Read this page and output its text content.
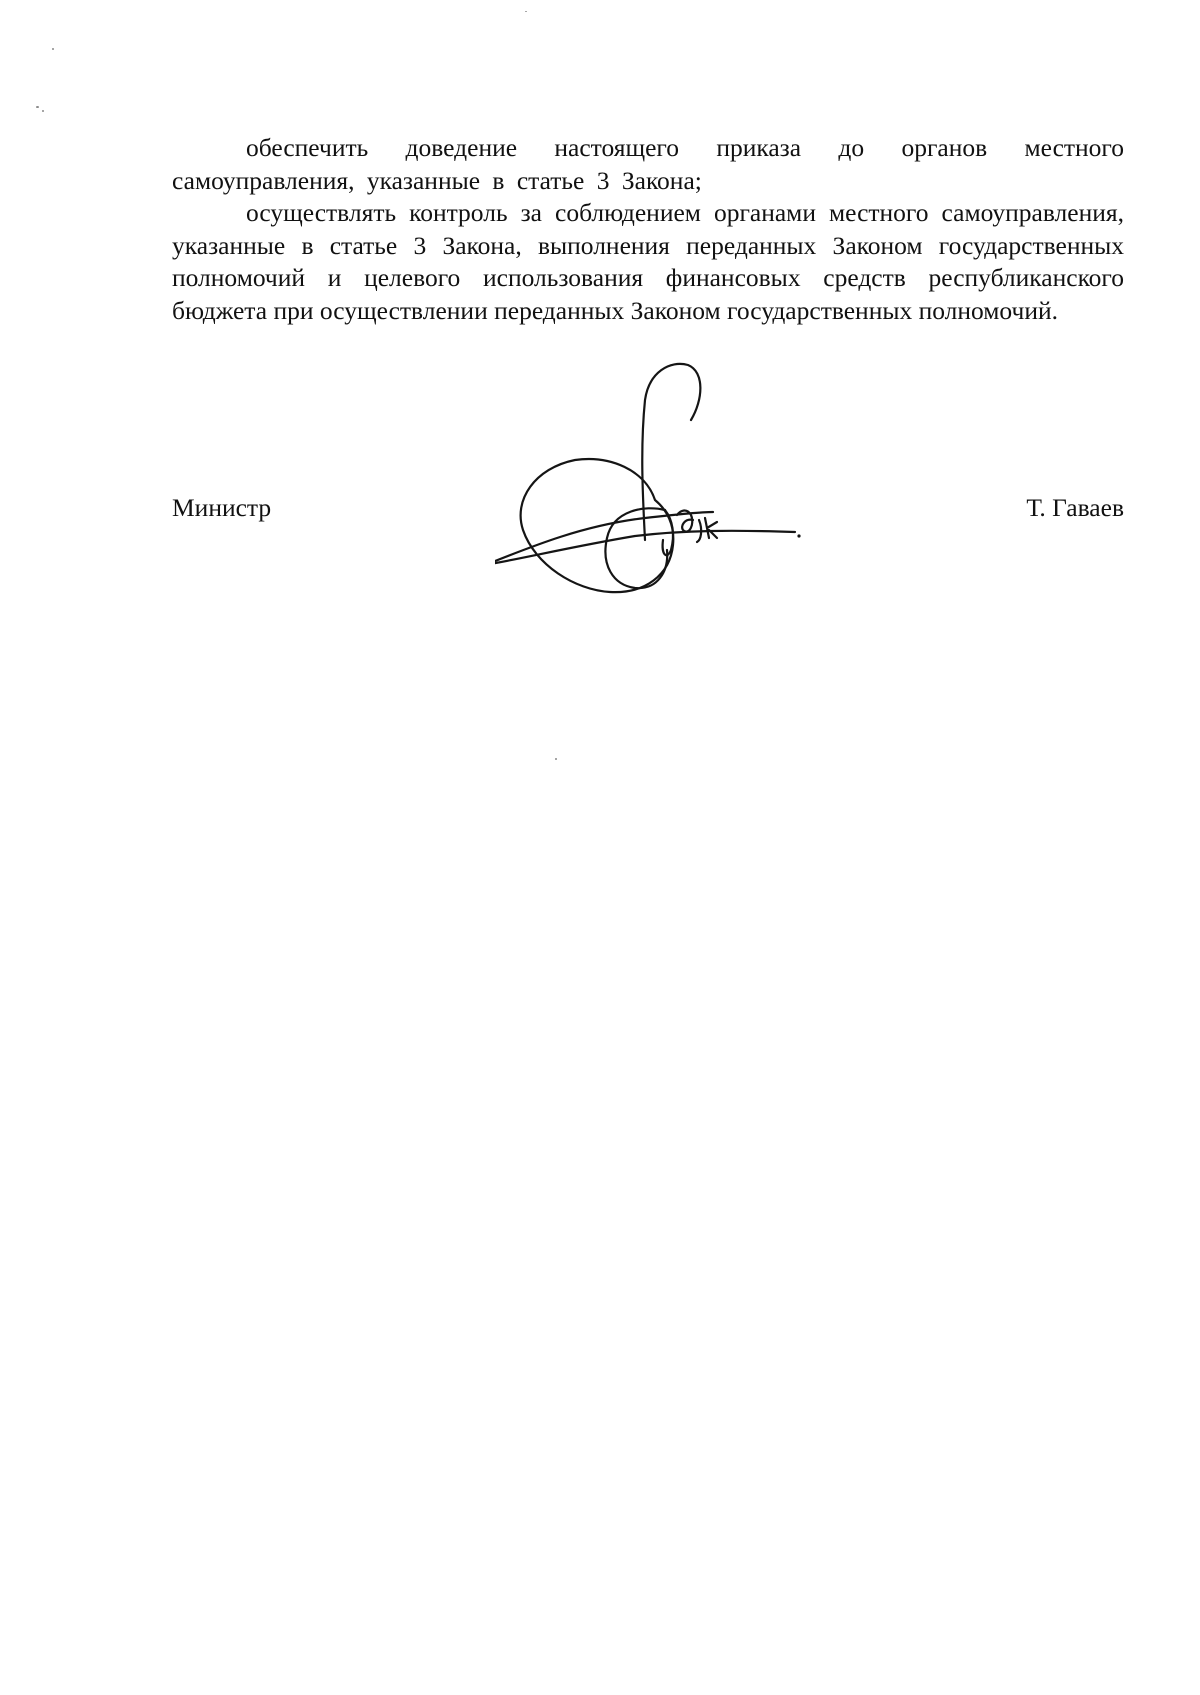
обеспечить доведение настоящего приказа до органов местного самоуправления, указанные в статье 3 Закона;

осуществлять контроль за соблюдением органами местного самоуправления, указанные в статье 3 Закона, выполнения переданных Законом государственных полномочий и целевого использования финансовых средств республиканского бюджета при осуществлении переданных Законом государственных полномочий.

Министр	Т. Гаваев
